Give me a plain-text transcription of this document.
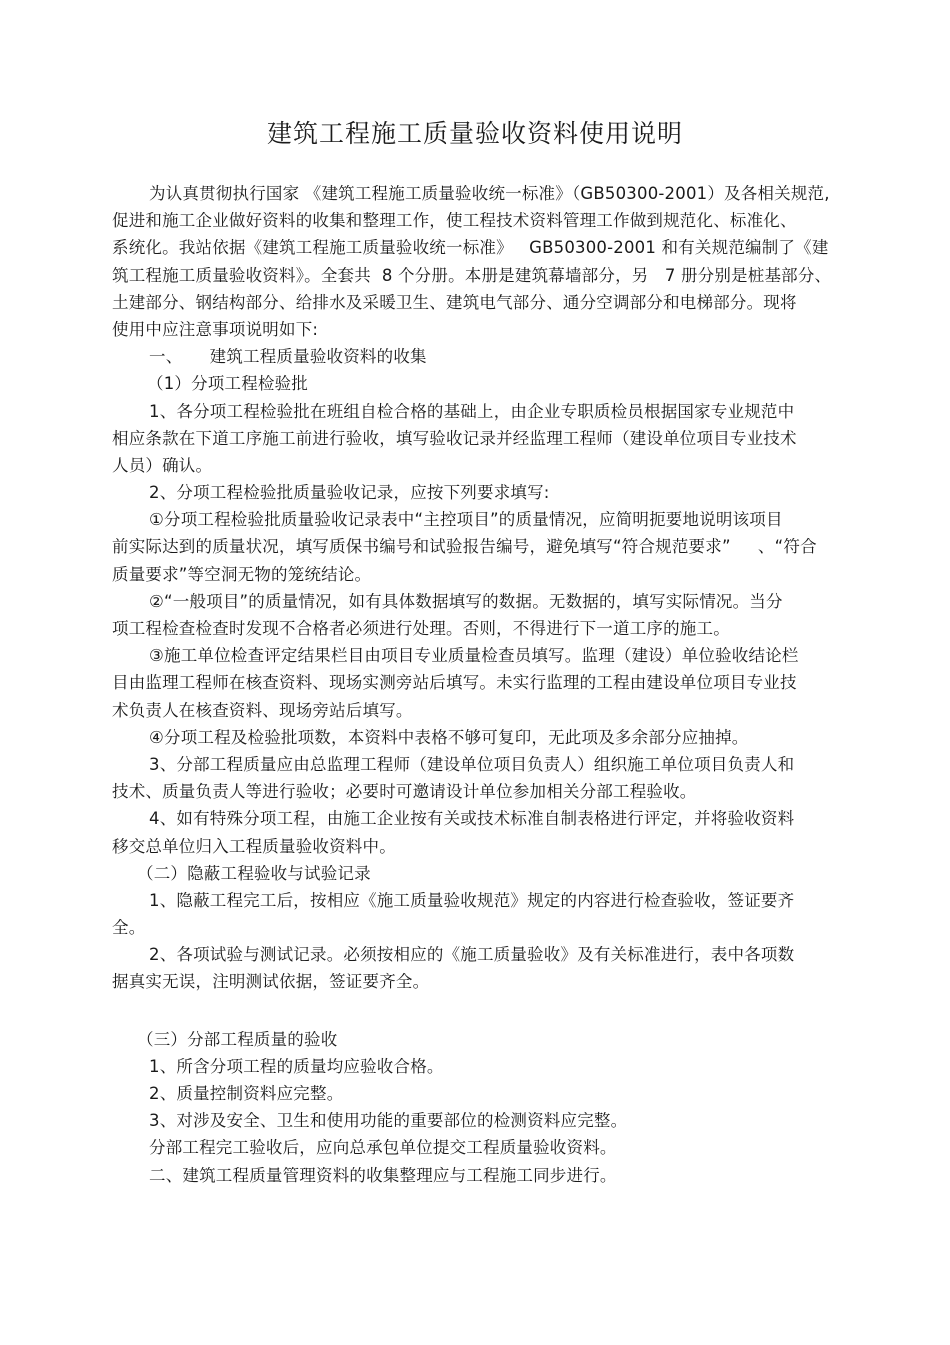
建筑工程施工质量验收资料使用说明
为认真贯彻执行国家 《建筑工程施工质量验收统一标准》（GB50300-2001）及各相关规范,
促进和施工企业做好资料的收集和整理工作，使工程技术资料管理工作做到规范化、标准化、
系统化。我站依据《建筑工程施工质量验收统一标准》   GB50300-2001 和有关规范编制了《建
筑工程施工质量验收资料》。全套共  8 个分册。本册是建筑幕墙部分，另   7 册分别是桩基部分、
土建部分、钢结构部分、给排水及采暖卫生、建筑电气部分、通分空调部分和电梯部分。现将
使用中应注意事项说明如下:
一、     建筑工程质量验收资料的收集
（1）分项工程检验批
1、各分项工程检验批在班组自检合格的基础上，由企业专职质检员根据国家专业规范中
相应条款在下道工序施工前进行验收，填写验收记录并经监理工程师（建设单位项目专业技术
人员）确认。
2、分项工程检验批质量验收记录，应按下列要求填写:
①分项工程检验批质量验收记录表中“主控项目”的质量情况，应简明扼要地说明该项目
前实际达到的质量状况，填写质保书编号和试验报告编号，避免填写“符合规范要求”     、“符合
质量要求”等空洞无物的笼统结论。
②“一般项目”的质量情况，如有具体数据填写的数据。无数据的，填写实际情况。当分
项工程检查检查时发现不合格者必须进行处理。否则，不得进行下一道工序的施工。
③施工单位检查评定结果栏目由项目专业质量检查员填写。监理（建设）单位验收结论栏
目由监理工程师在核查资料、现场实测旁站后填写。未实行监理的工程由建设单位项目专业技
术负责人在核查资料、现场旁站后填写。
④分项工程及检验批项数，本资料中表格不够可复印，无此项及多余部分应抽掉。
3、分部工程质量应由总监理工程师（建设单位项目负责人）组织施工单位项目负责人和
技术、质量负责人等进行验收；必要时可邀请设计单位参加相关分部工程验收。
4、如有特殊分项工程，由施工企业按有关或技术标准自制表格进行评定，并将验收资料
移交总单位归入工程质量验收资料中。
（二）隐蔽工程验收与试验记录
1、隐蔽工程完工后，按相应《施工质量验收规范》规定的内容进行检查验收，签证要齐
全。
2、各项试验与测试记录。必须按相应的《施工质量验收》及有关标准进行，表中各项数
据真实无误，注明测试依据，签证要齐全。
（三）分部工程质量的验收
1、所含分项工程的质量均应验收合格。
2、质量控制资料应完整。
3、对涉及安全、卫生和使用功能的重要部位的检测资料应完整。
分部工程完工验收后，应向总承包单位提交工程质量验收资料。
二、建筑工程质量管理资料的收集整理应与工程施工同步进行。
